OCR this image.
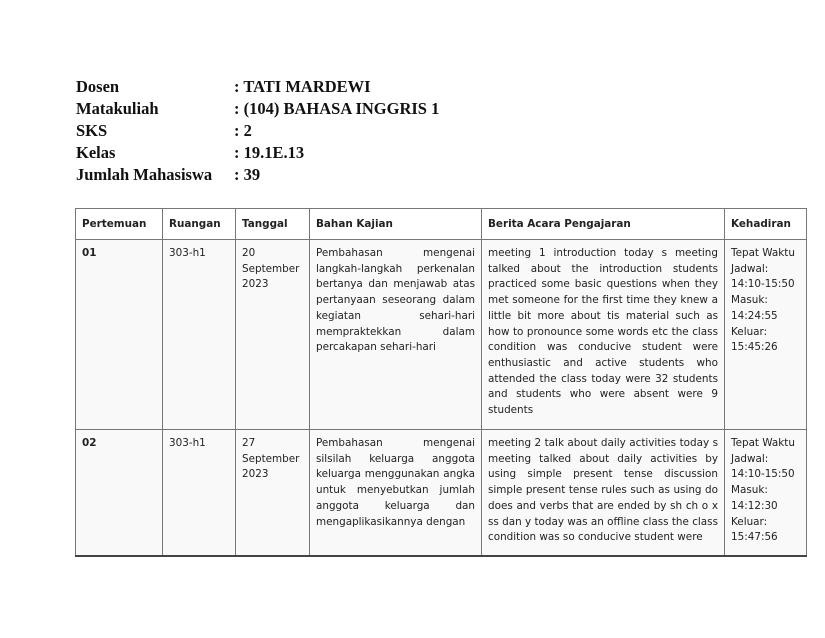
Dosen	: TATI MARDEWI
Matakuliah	: (104) BAHASA INGGRIS 1
SKS	: 2
Kelas	: 19.1E.13
Jumlah Mahasiswa	: 39
Pertemuan	Ruangan	Tanggal	Bahan Kajian	Berita Acara Pengajaran	Kehadiran
01	303-h1	20 September 2023	Pembahasan mengenai langkah-langkah perkenalan bertanya dan menjawab atas pertanyaan seseorang dalam kegiatan sehari-hari mempraktekkan dalam percakapan sehari-hari	meeting 1 introduction today s meeting talked about the introduction students practiced some basic questions when they met someone for the first time they knew a little bit more about tis material such as how to pronounce some words etc the class condition was conducive student were enthusiastic and active students who attended the class today were 32 students and students who were absent were 9 students	Tepat Waktu Jadwal: 14:10-15:50 Masuk: 14:24:55 Keluar: 15:45:26
02	303-h1	27 September 2023	Pembahasan mengenai silsilah keluarga anggota keluarga menggunakan angka untuk menyebutkan jumlah anggota keluarga dan mengaplikasikannya dengan	meeting 2 talk about daily activities today s meeting talked about daily activities by using simple present tense discussion simple present tense rules such as using do does and verbs that are ended by sh ch o x ss dan y today was an offline class the class condition was so conducive student were	Tepat Waktu Jadwal: 14:10-15:50 Masuk: 14:12:30 Keluar: 15:47:56
